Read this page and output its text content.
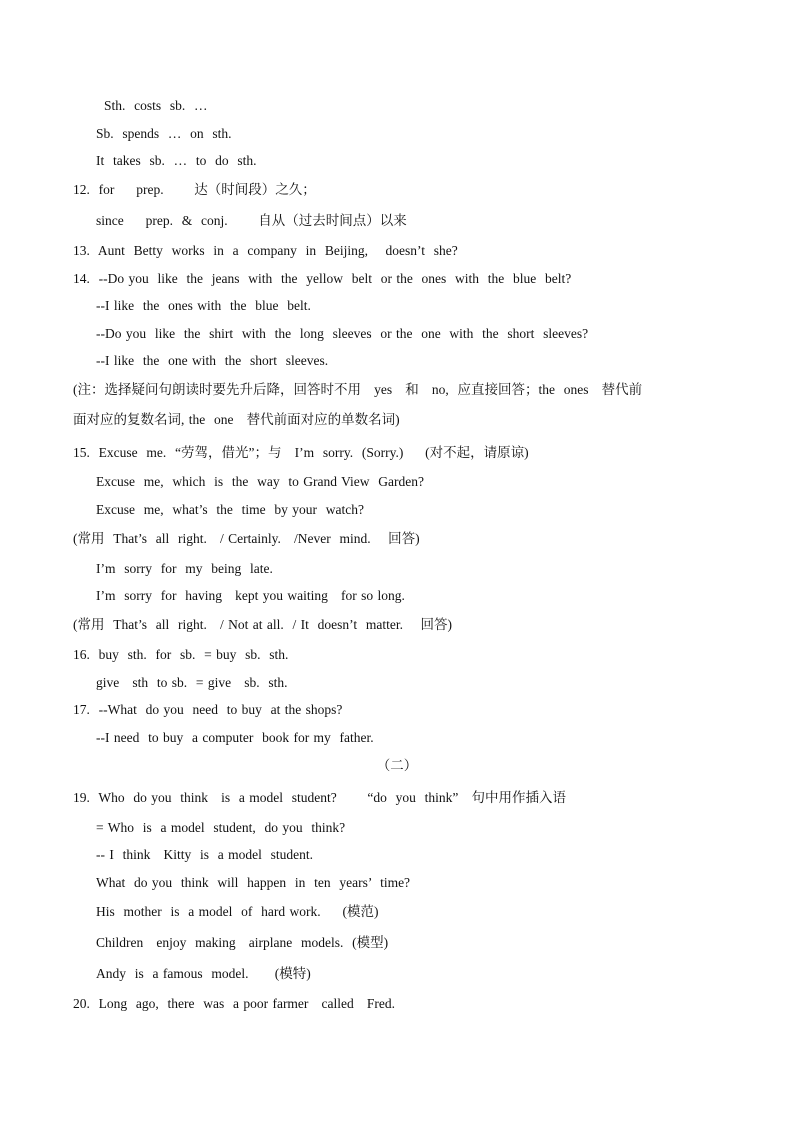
Sth.  costs  sb.  …
Sb.  spends  …  on  sth.
It  takes  sb.  …  to  do  sth.
12.  for     prep.       达（时间段）之久；
since     prep.  &  conj.       自从（过去时间点）以来
13.  Aunt  Betty  works  in  a  company  in  Beijing,    doesn’t  she?
14.  --Do you  like  the  jeans  with  the  yellow  belt  or the  ones  with  the  blue  belt?
--I like  the  ones with  the  blue  belt.
--Do you  like  the  shirt  with  the  long  sleeves  or the  one  with  the  short  sleeves?
--I like  the  one with  the  short  sleeves.
(注：选择疑问句朗读时要先升后降，回答时不用   yes   和   no,  应直接回答；the  ones   替代前
面对应的复数名词, the  one   替代前面对应的单数名词)
15.  Excuse  me.  “劳驾，借光”；与   I’m  sorry.  (Sorry.)     (对不起，请原谅)
Excuse  me,  which  is  the  way  to Grand View  Garden?
Excuse  me,  what’s  the  time  by your  watch?
(常用  That’s  all  right.   / Certainly.   /Never  mind.    回答)
I’m  sorry  for  my  being  late.
I’m  sorry  for  having   kept you waiting   for so long.
(常用  That’s  all  right.   / Not at all.  / It  doesn’t  matter.    回答)
16.  buy  sth.  for  sb.  = buy  sb.  sth.
give   sth  to sb.  = give   sb.  sth.
17.  --What  do you  need  to buy  at the shops?
--I need  to buy  a computer  book for my  father.
（二）
19.  Who  do you  think   is  a model  student?       “do  you  think”   句中用作插入语
= Who  is  a model  student,  do you  think?
-- I  think   Kitty  is  a model  student.
What  do you  think  will  happen  in  ten  years’  time?
His  mother  is  a model  of  hard work.     (模范)
Children   enjoy  making   airplane  models.  (模型)
Andy  is  a famous  model.      (模特)
20.  Long  ago,  there  was  a poor farmer   called   Fred.
